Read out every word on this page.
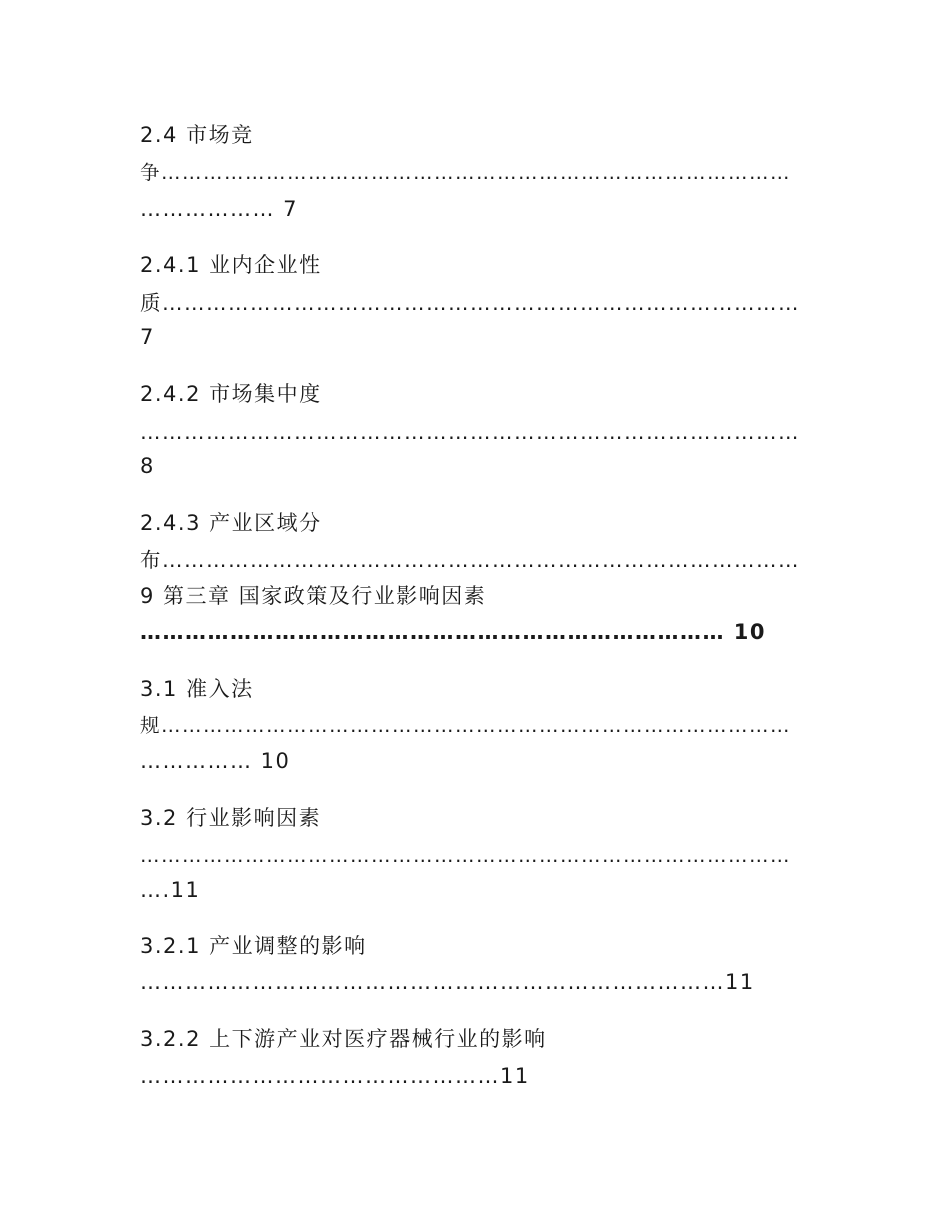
2.4 市场竞
争………………………………………………………………………………
……………… 7
2.4.1 业内企业性
质……………………………………………………………………………
7
2.4.2 市场集中度
………………………………………………………………………………
8
2.4.3 产业区域分
布……………………………………………………………………………
9 第三章 国家政策及行业影响因素
…………………………………………………………………… 10
3.1 准入法
规………………………………………………………………………………
…………… 10
3.2 行业影响因素
…………………………………………………………………………………
….11
3.2.1 产业调整的影响
……………………………………………………………………11
3.2.2 上下游产业对医疗器械行业的影响
…………………………………………11
